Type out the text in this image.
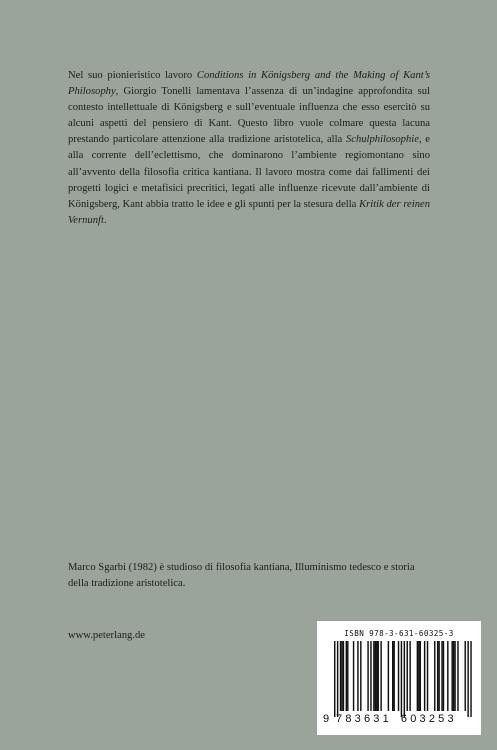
Nel suo pionieristico lavoro Conditions in Königsberg and the Making of Kant’s Philosophy, Giorgio Tonelli lamentava l’assenza di un’indagine approfondita sul contesto intellettuale di Königsberg e sull’eventuale influenza che esso esercitò su alcuni aspetti del pensiero di Kant. Questo libro vuole colmare questa lacuna prestando particolare attenzione alla tradizione aristotelica, alla Schulphilosophie, e alla corrente dell’eclettismo, che dominarono l’ambiente regiomontano sino all’avvento della filosofia critica kantiana. Il lavoro mostra come dai fallimenti dei progetti logici e metafisici precritici, legati alle influenze ricevute dall’ambiente di Königsberg, Kant abbia tratto le idee e gli spunti per la stesura della Kritik der reinen Vernunft.

Marco Sgarbi (1982) è studioso di filosofia kantiana, Illuminismo tedesco e storia della tradizione aristotelica.

www.peterlang.de	ISBN 978-3-631-60325-3
9 783631 603253
